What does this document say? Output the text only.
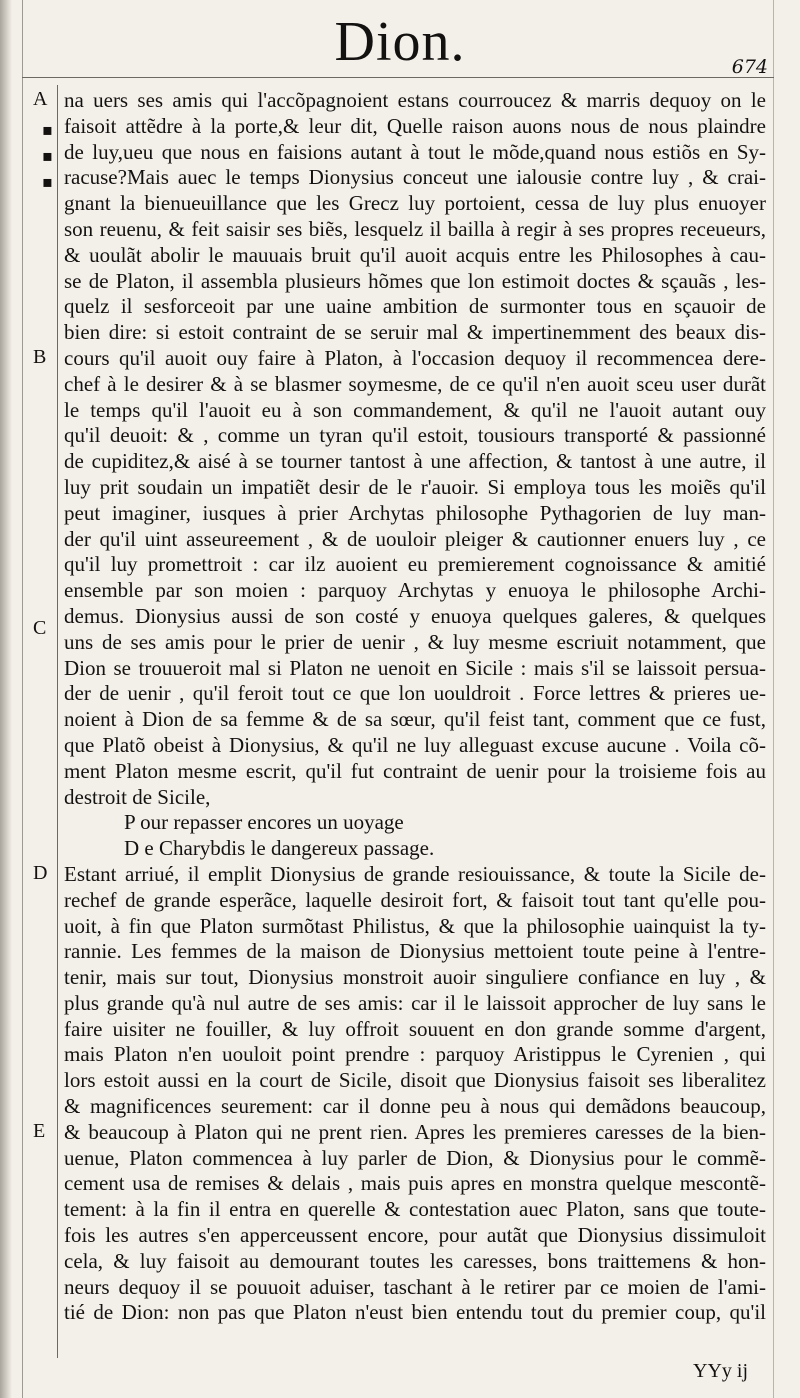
Dion.	674
A
B
C
D
E
▪
▪
▪
na uers ses amis qui l'accõpagnoient estans courroucez & marris dequoy on le
faisoit attẽdre à la porte,& leur dit, Quelle raison auons nous de nous plaindre
de luy,ueu que nous en faisions autant à tout le mõde,quand nous estiõs en Sy-
racuse?Mais auec le temps Dionysius conceut une ialousie contre luy , & crai-
gnant la bienueuillance que les Grecz luy portoient, cessa de luy plus enuoyer
son reuenu, & feit saisir ses biẽs, lesquelz il bailla à regir à ses propres receueurs,
& uoulãt abolir le mauuais bruit qu'il auoit acquis entre les Philosophes à cau-
se de Platon, il assembla plusieurs hõmes que lon estimoit doctes & sçauãs , les-
quelz il sesforceoit par une uaine ambition de surmonter tous en sçauoir de
bien dire: si estoit contraint de se seruir mal & impertinemment des beaux dis-
cours qu'il auoit ouy faire à Platon, à l'occasion dequoy il recommencea dere-
chef à le desirer & à se blasmer soymesme, de ce qu'il n'en auoit sceu user durãt
le temps qu'il l'auoit eu à son commandement, & qu'il ne l'auoit autant ouy
qu'il deuoit: & , comme un tyran qu'il estoit, tousiours transporté & passionné
de cupiditez,& aisé à se tourner tantost à une affection, & tantost à une autre, il
luy prit soudain un impatiẽt desir de le r'auoir. Si employa tous les moiẽs qu'il
peut imaginer, iusques à prier Archytas philosophe Pythagorien de luy man-
der qu'il uint asseureement , & de uouloir pleiger & cautionner enuers luy , ce
qu'il luy promettroit : car ilz auoient eu premierement cognoissance & amitié
ensemble par son moien : parquoy Archytas y enuoya le philosophe Archi-
demus. Dionysius aussi de son costé y enuoya quelques galeres, & quelques
uns de ses amis pour le prier de uenir , & luy mesme escriuit notamment, que
Dion se trouueroit mal si Platon ne uenoit en Sicile : mais s'il se laissoit persua-
der de uenir , qu'il feroit tout ce que lon uouldroit . Force lettres & prieres ue-
noient à Dion de sa femme & de sa sœur, qu'il feist tant, comment que ce fust,
que Platõ obeist à Dionysius, & qu'il ne luy alleguast excuse aucune . Voila cõ-
ment Platon mesme escrit, qu'il fut contraint de uenir pour la troisieme fois au
destroit de Sicile,
P our repasser encores un uoyage
D e Charybdis le dangereux passage.
Estant arriué, il emplit Dionysius de grande resiouissance, & toute la Sicile de-
rechef de grande esperãce, laquelle desiroit fort, & faisoit tout tant qu'elle pou-
uoit, à fin que Platon surmõtast Philistus, & que la philosophie uainquist la ty-
rannie. Les femmes de la maison de Dionysius mettoient toute peine à l'entre-
tenir, mais sur tout, Dionysius monstroit auoir singuliere confiance en luy , &
plus grande qu'à nul autre de ses amis: car il le laissoit approcher de luy sans le
faire uisiter ne fouiller, & luy offroit souuent en don grande somme d'argent,
mais Platon n'en uouloit point prendre : parquoy Aristippus le Cyrenien , qui
lors estoit aussi en la court de Sicile, disoit que Dionysius faisoit ses liberalitez
& magnificences seurement: car il donne peu à nous qui demãdons beaucoup,
& beaucoup à Platon qui ne prent rien. Apres les premieres caresses de la bien-
uenue, Platon commencea à luy parler de Dion, & Dionysius pour le commẽ-
cement usa de remises & delais , mais puis apres en monstra quelque mescontẽ-
tement: à la fin il entra en querelle & contestation auec Platon, sans que toute-
fois les autres s'en apperceussent encore, pour autãt que Dionysius dissimuloit
cela, & luy faisoit au demourant toutes les caresses, bons traittemens & hon-
neurs dequoy il se pouuoit aduiser, taschant à le retirer par ce moien de l'ami-
tié de Dion: non pas que Platon n'eust bien entendu tout du premier coup, qu'il
YYy ij
